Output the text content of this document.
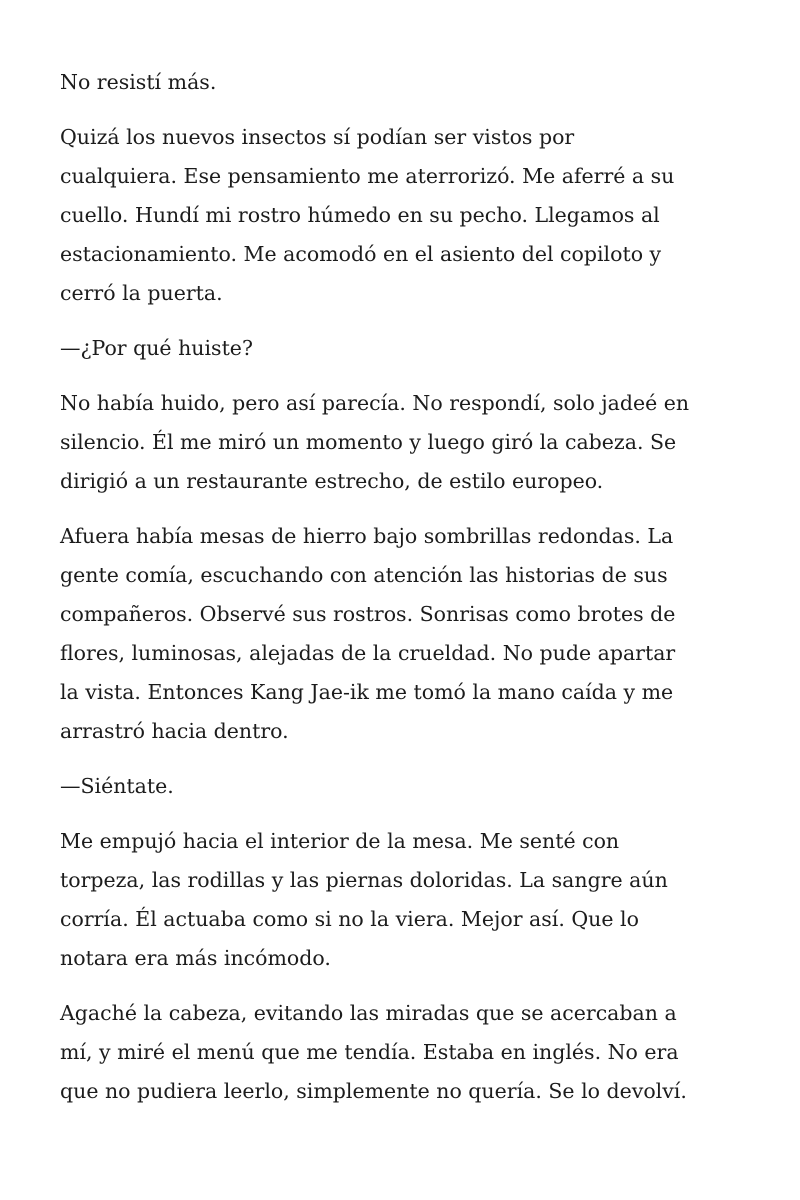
No resistí más.

Quizá los nuevos insectos sí podían ser vistos por
cualquiera. Ese pensamiento me aterrorizó. Me aferré a su
cuello. Hundí mi rostro húmedo en su pecho. Llegamos al
estacionamiento. Me acomodó en el asiento del copiloto y
cerró la puerta.

—¿Por qué huiste?

No había huido, pero así parecía. No respondí, solo jadeé en
silencio. Él me miró un momento y luego giró la cabeza. Se
dirigió a un restaurante estrecho, de estilo europeo.

Afuera había mesas de hierro bajo sombrillas redondas. La
gente comía, escuchando con atención las historias de sus
compañeros. Observé sus rostros. Sonrisas como brotes de
flores, luminosas, alejadas de la crueldad. No pude apartar
la vista. Entonces Kang Jae-ik me tomó la mano caída y me
arrastró hacia dentro.

—Siéntate.

Me empujó hacia el interior de la mesa. Me senté con
torpeza, las rodillas y las piernas doloridas. La sangre aún
corría. Él actuaba como si no la viera. Mejor así. Que lo
notara era más incómodo.

Agaché la cabeza, evitando las miradas que se acercaban a
mí, y miré el menú que me tendía. Estaba en inglés. No era
que no pudiera leerlo, simplemente no quería. Se lo devolví.
